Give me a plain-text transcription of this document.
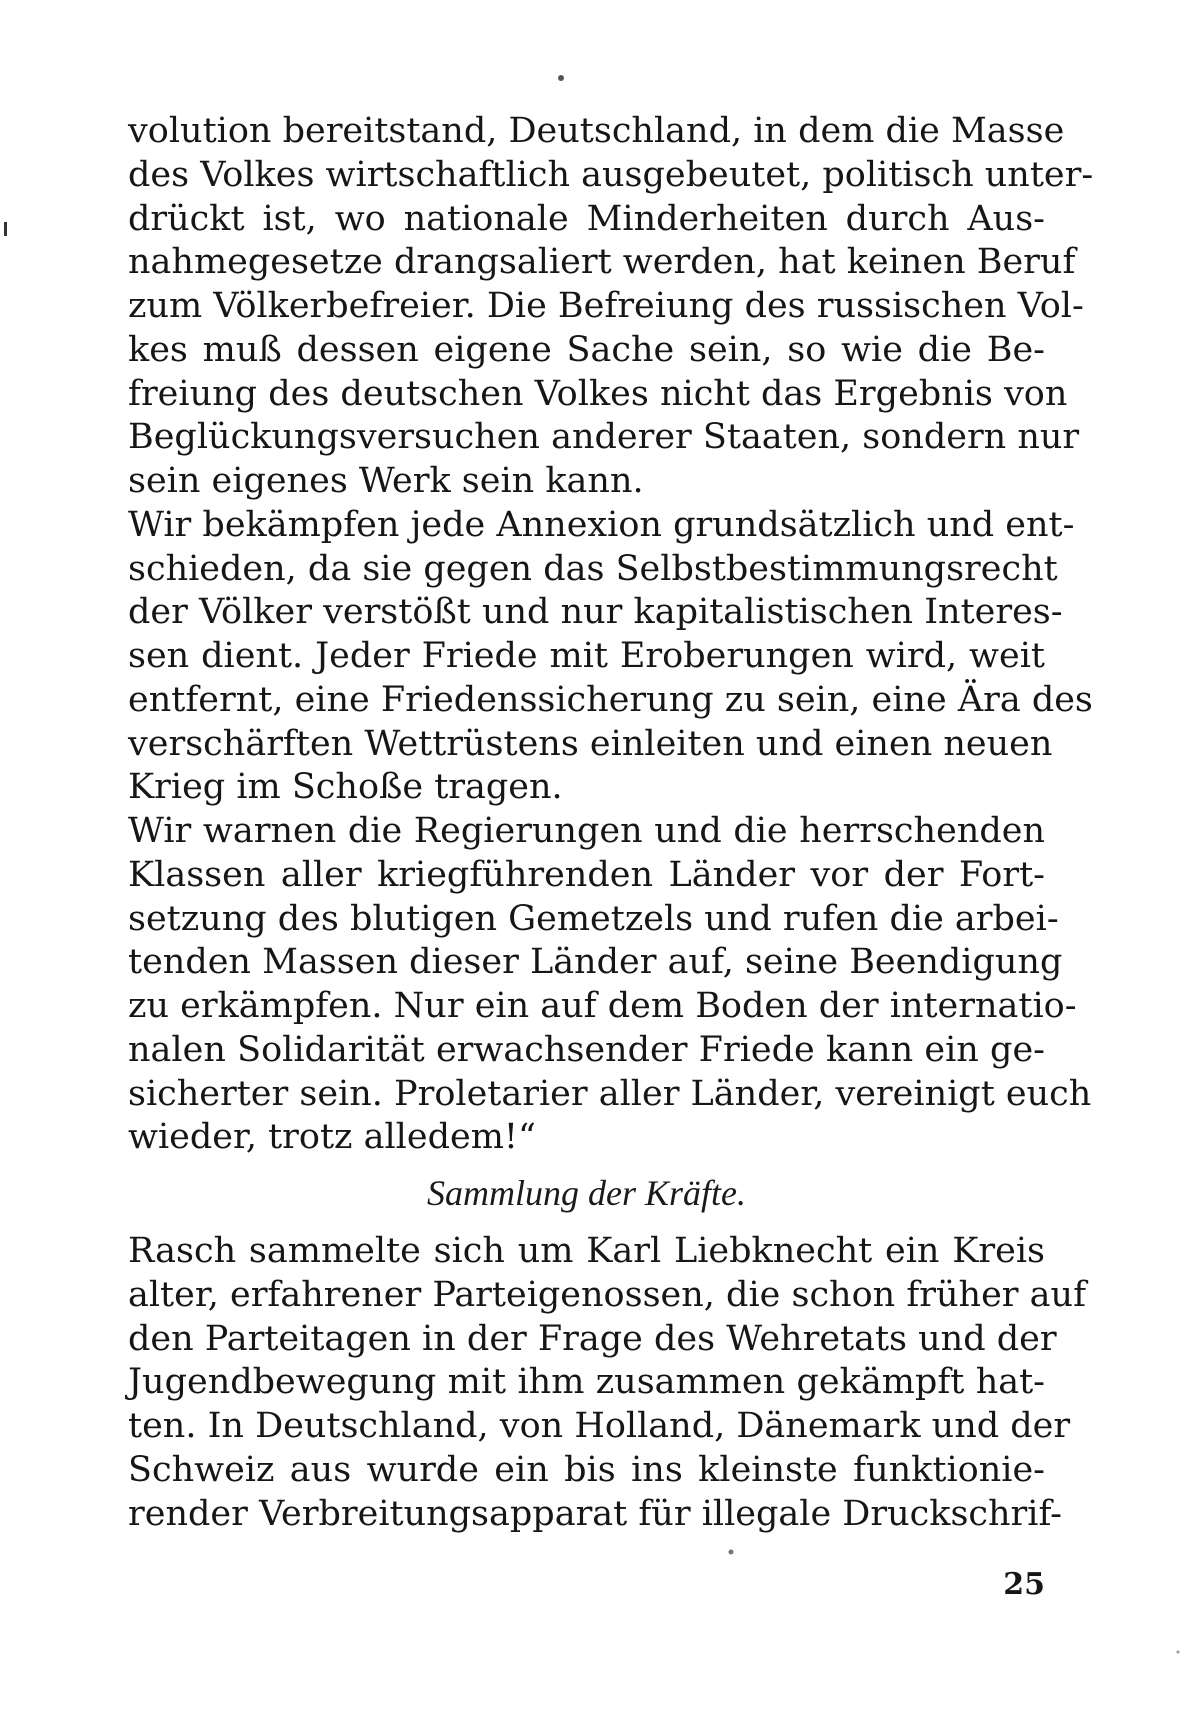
volution bereitstand, Deutschland, in dem die Masse
des Volkes wirtschaftlich ausgebeutet, politisch unter-
drückt ist, wo nationale Minderheiten durch Aus-
nahmegesetze drangsaliert werden, hat keinen Beruf
zum Völkerbefreier. Die Befreiung des russischen Vol-
kes muß dessen eigene Sache sein, so wie die Be-
freiung des deutschen Volkes nicht das Ergebnis von
Beglückungsversuchen anderer Staaten, sondern nur
sein eigenes Werk sein kann.
Wir bekämpfen jede Annexion grundsätzlich und ent-
schieden, da sie gegen das Selbstbestimmungsrecht
der Völker verstößt und nur kapitalistischen Interes-
sen dient. Jeder Friede mit Eroberungen wird, weit
entfernt, eine Friedenssicherung zu sein, eine Ära des
verschärften Wettrüstens einleiten und einen neuen
Krieg im Schoße tragen.
Wir warnen die Regierungen und die herrschenden
Klassen aller kriegführenden Länder vor der Fort-
setzung des blutigen Gemetzels und rufen die arbei-
tenden Massen dieser Länder auf, seine Beendigung
zu erkämpfen. Nur ein auf dem Boden der internatio-
nalen Solidarität erwachsender Friede kann ein ge-
sicherter sein. Proletarier aller Länder, vereinigt euch
wieder, trotz alledem!“
Sammlung der Kräfte.
Rasch sammelte sich um Karl Liebknecht ein Kreis
alter, erfahrener Parteigenossen, die schon früher auf
den Parteitagen in der Frage des Wehretats und der
Jugendbewegung mit ihm zusammen gekämpft hat-
ten. In Deutschland, von Holland, Dänemark und der
Schweiz aus wurde ein bis ins kleinste funktionie-
render Verbreitungsapparat für illegale Druckschrif-
25
